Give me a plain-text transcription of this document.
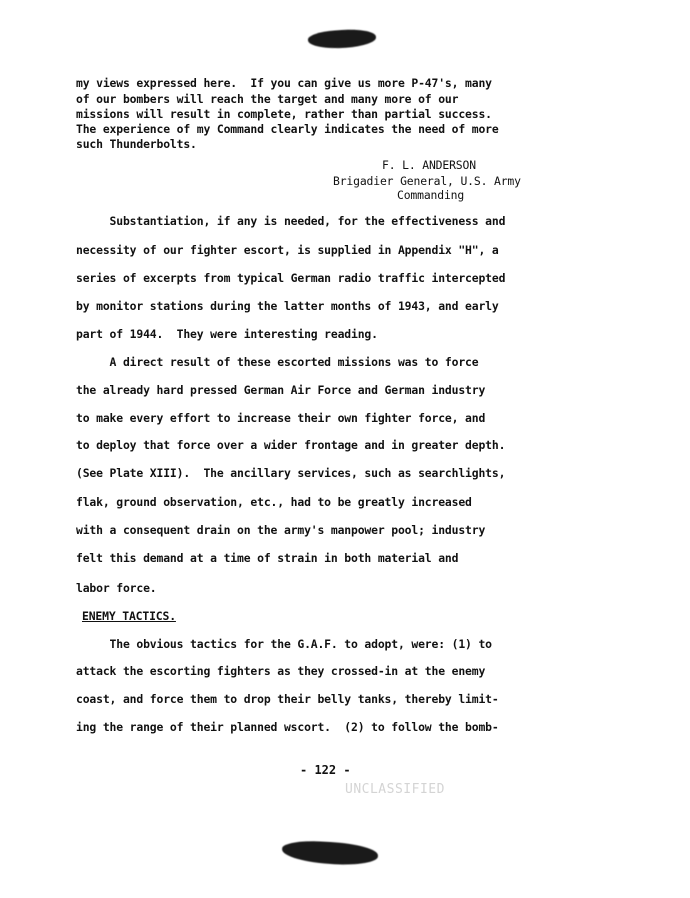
my views expressed here.  If you can give us more P-47's, many
of our bombers will reach the target and many more of our
missions will result in complete, rather than partial success.
The experience of my Command clearly indicates the need of more
such Thunderbolts.
F. L. ANDERSON
Brigadier General, U.S. Army
Commanding
Substantiation, if any is needed, for the effectiveness and
necessity of our fighter escort, is supplied in Appendix "H", a
series of excerpts from typical German radio traffic intercepted
by monitor stations during the latter months of 1943, and early
part of 1944.  They were interesting reading.
A direct result of these escorted missions was to force
the already hard pressed German Air Force and German industry
to make every effort to increase their own fighter force, and
to deploy that force over a wider frontage and in greater depth.
(See Plate XIII).  The ancillary services, such as searchlights,
flak, ground observation, etc., had to be greatly increased
with a consequent drain on the army's manpower pool; industry
felt this demand at a time of strain in both material and
labor force.
ENEMY TACTICS.
The obvious tactics for the G.A.F. to adopt, were: (1) to
attack the escorting fighters as they crossed-in at the enemy
coast, and force them to drop their belly tanks, thereby limit-
ing the range of their planned wscort.  (2) to follow the bomb-
- 122 -
UNCLASSIFIED
